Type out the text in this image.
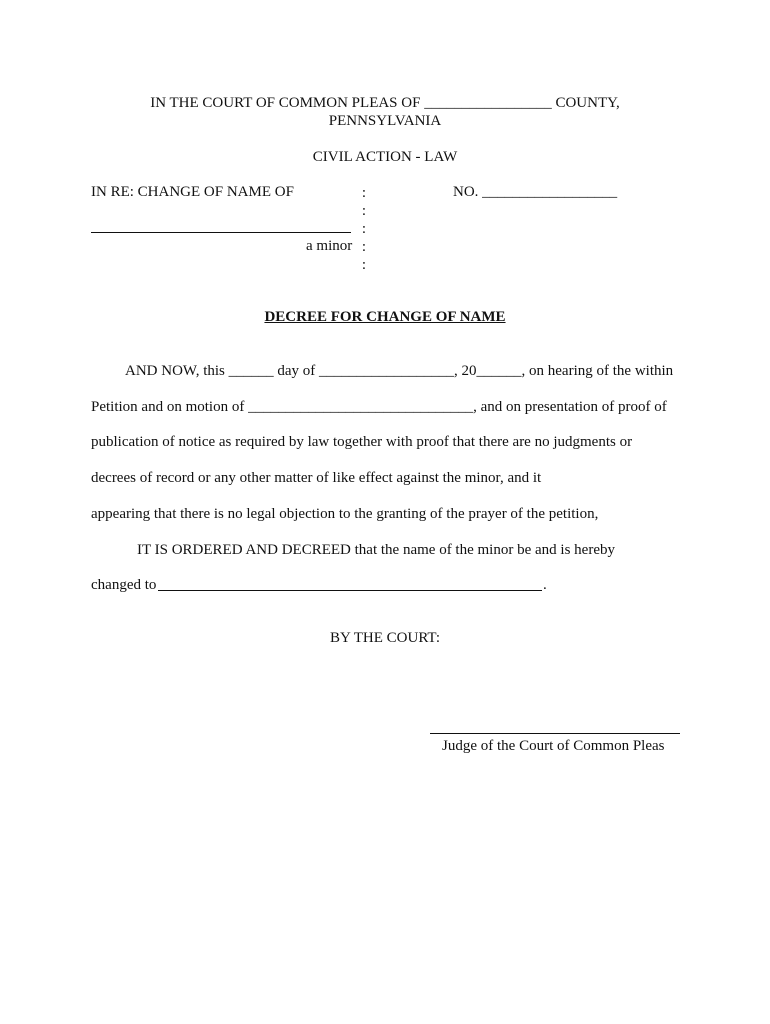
IN THE COURT OF COMMON PLEAS OF _________________ COUNTY,
PENNSYLVANIA
CIVIL ACTION - LAW
IN RE: CHANGE OF NAME OF	:
:
:
:
:
NO. __________________
a minor
DECREE FOR CHANGE OF NAME
AND NOW, this ______ day of __________________, 20______, on hearing of the within
Petition and on motion of ______________________________, and on presentation of proof of
publication of notice as required by law together with proof that there are no judgments or
decrees of record or any other matter of like effect against the minor, and it
appearing that there is no legal objection to the granting of the prayer of the petition,
IT IS ORDERED AND DECREED that the name of the minor be and is hereby
changed to	.
BY THE COURT:
Judge of the Court of Common Pleas
